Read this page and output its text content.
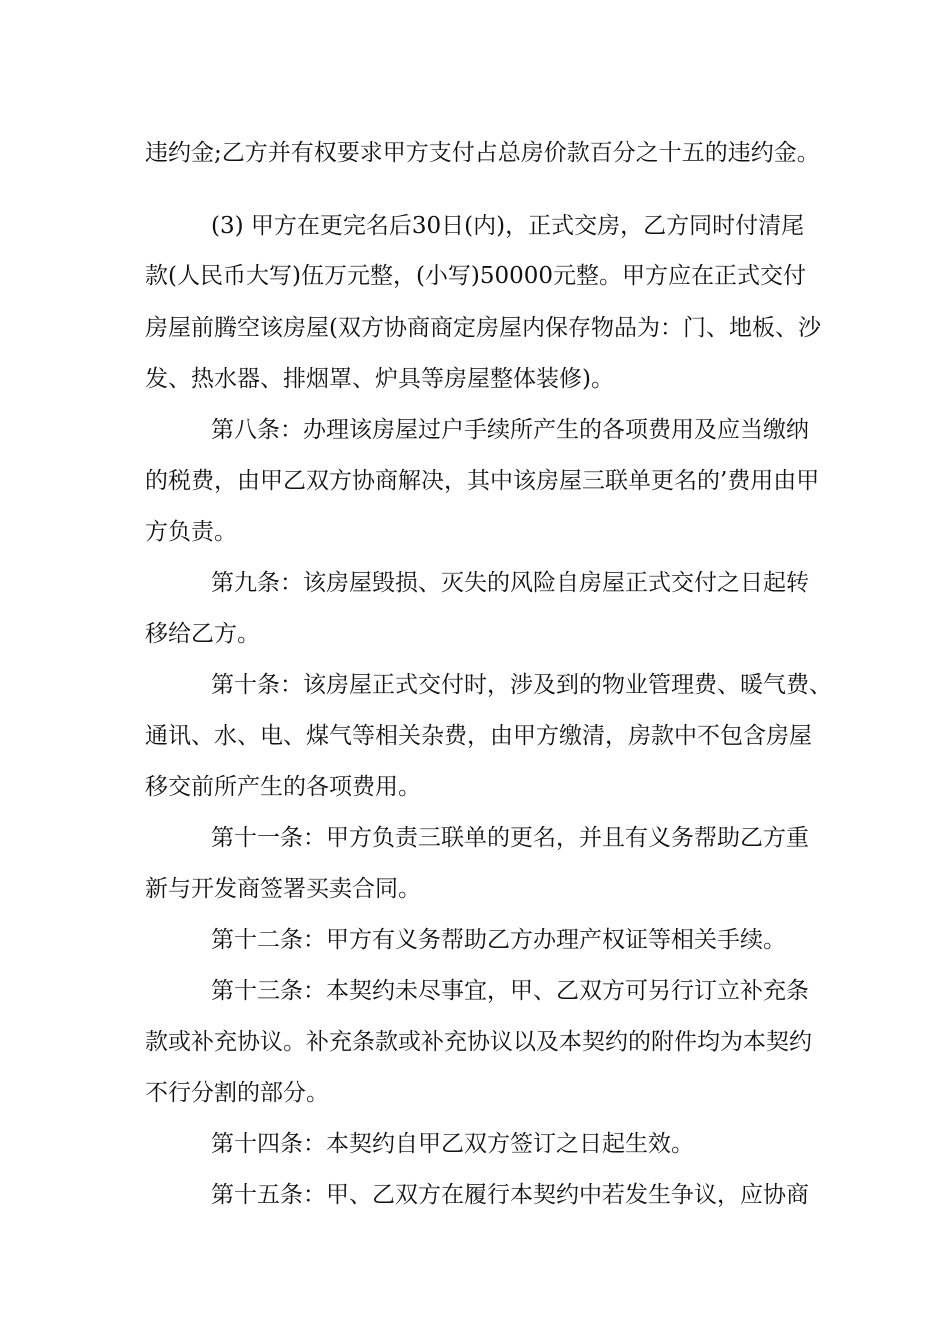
违约金;乙方并有权要求甲方支付占总房价款百分之十五的违约金。
(3) 甲方在更完名后30日(内)，正式交房，乙方同时付清尾
款(人民币大写)伍万元整，(小写)50000元整。甲方应在正式交付
房屋前腾空该房屋(双方协商商定房屋内保存物品为：门、地板、沙
发、热水器、排烟罩、炉具等房屋整体装修)。
第八条：办理该房屋过户手续所产生的各项费用及应当缴纳
的税费，由甲乙双方协商解决，其中该房屋三联单更名的’费用由甲
方负责。
第九条：该房屋毁损、灭失的风险自房屋正式交付之日起转
移给乙方。
第十条：该房屋正式交付时，涉及到的物业管理费、暖气费、
通讯、水、电、煤气等相关杂费，由甲方缴清，房款中不包含房屋
移交前所产生的各项费用。
第十一条：甲方负责三联单的更名，并且有义务帮助乙方重
新与开发商签署买卖合同。
第十二条：甲方有义务帮助乙方办理产权证等相关手续。
第十三条：本契约未尽事宜，甲、乙双方可另行订立补充条
款或补充协议。补充条款或补充协议以及本契约的附件均为本契约
不行分割的部分。
第十四条：本契约自甲乙双方签订之日起生效。
第十五条：甲、乙双方在履行本契约中若发生争议，应协商
